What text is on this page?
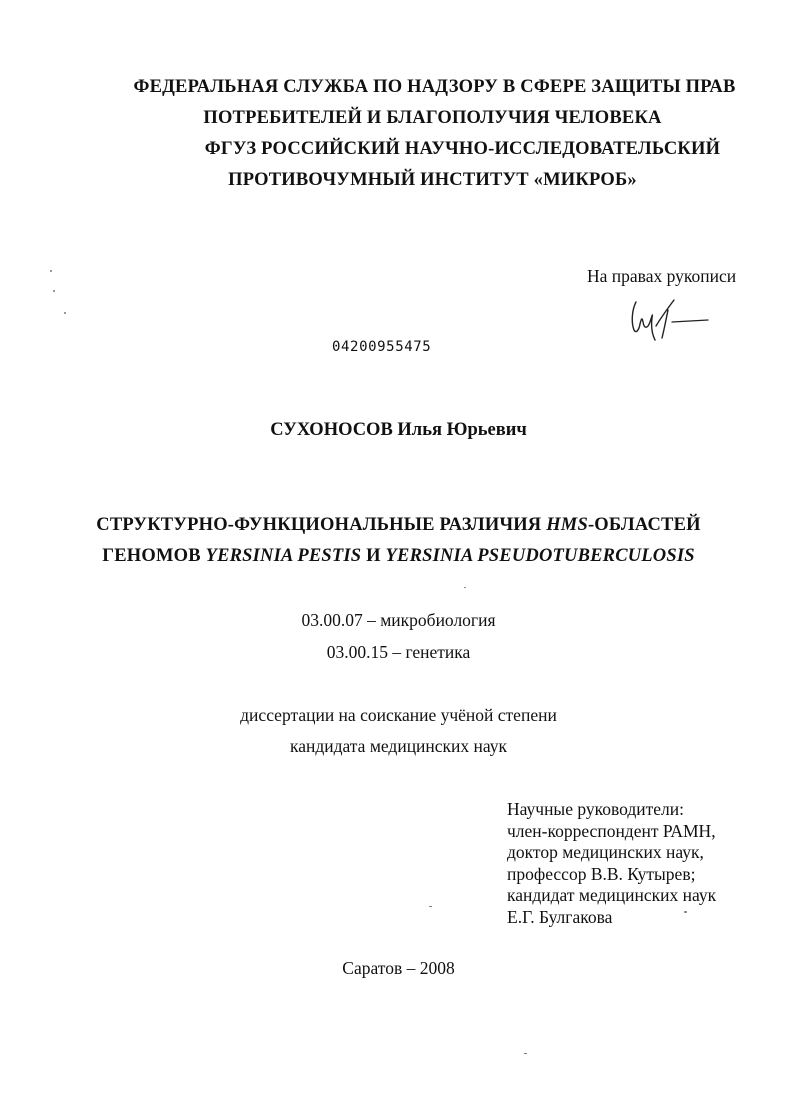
ФЕДЕРАЛЬНАЯ СЛУЖБА ПО НАДЗОРУ В СФЕРЕ ЗАЩИТЫ ПРАВ
ПОТРЕБИТЕЛЕЙ И БЛАГОПОЛУЧИЯ ЧЕЛОВЕКА
ФГУЗ РОССИЙСКИЙ НАУЧНО-ИССЛЕДОВАТЕЛЬСКИЙ
ПРОТИВОЧУМНЫЙ ИНСТИТУТ «МИКРОБ»
На правах рукописи
04200955475
СУХОНОСОВ Илья Юрьевич
СТРУКТУРНО-ФУНКЦИОНАЛЬНЫЕ РАЗЛИЧИЯ HMS-ОБЛАСТЕЙ
ГЕНОМОВ YERSINIA PESTIS И YERSINIA PSEUDOTUBERCULOSIS
03.00.07 – микробиология
03.00.15 – генетика
диссертации на соискание учёной степени
кандидата медицинских наук
Научные руководители:
член-корреспондент РАМН,
доктор медицинских наук,
профессор В.В. Кутырев;
кандидат медицинских наук
Е.Г. Булгакова
Саратов – 2008
